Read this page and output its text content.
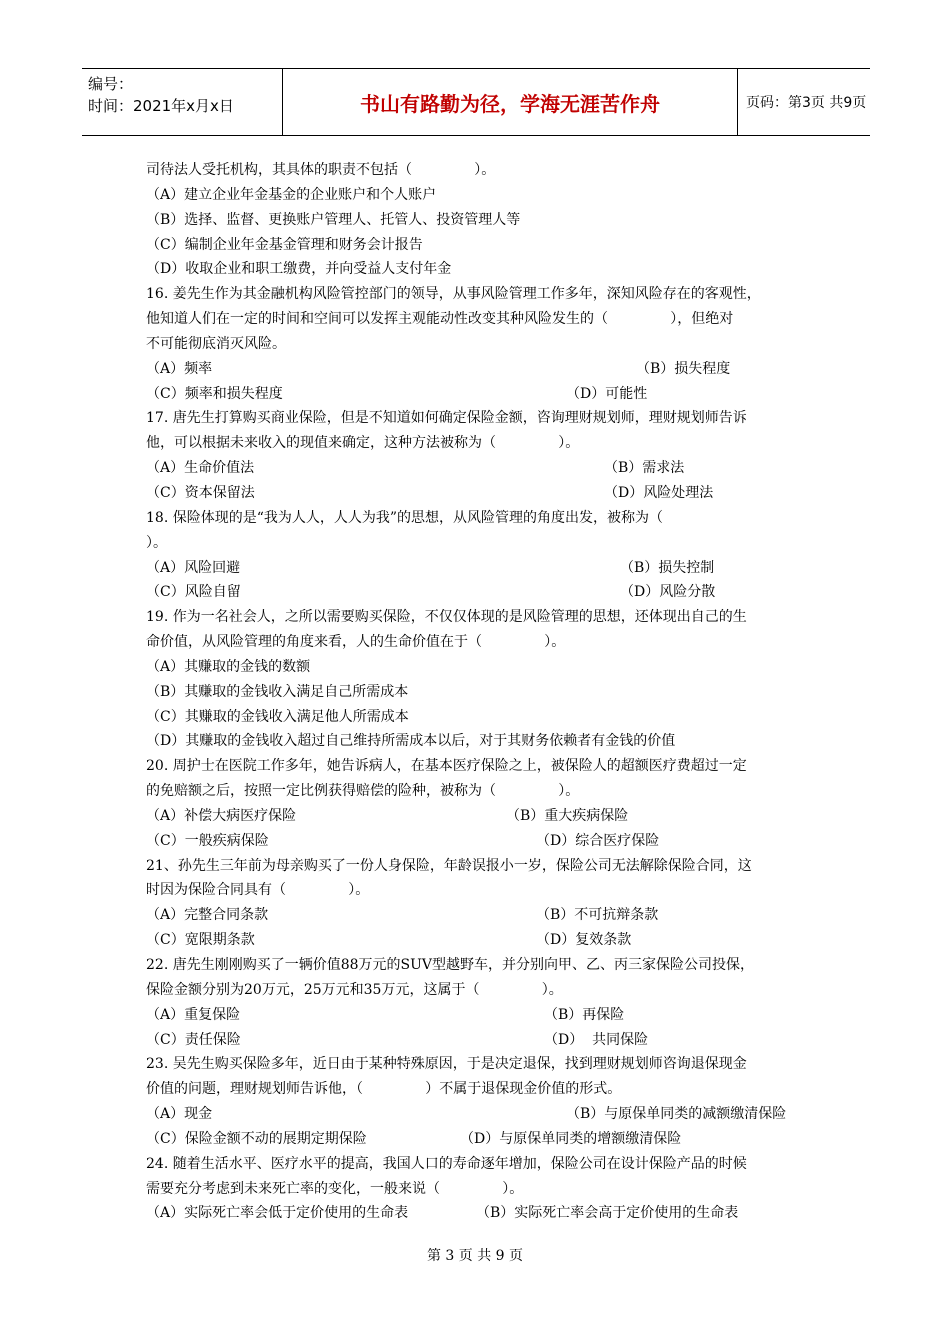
编号：
时间：2021年x月x日	书山有路勤为径，学海无涯苦作舟	页码：第3页 共9页
司待法人受托机构，其具体的职责不包括（              ）。
（A）建立企业年金基金的企业账户和个人账户
（B）选择、监督、更换账户管理人、托管人、投资管理人等
（C）编制企业年金基金管理和财务会计报告
（D）收取企业和职工缴费，并向受益人支付年金
16. 姜先生作为其金融机构风险管控部门的领导，从事风险管理工作多年，深知风险存在的客观性，
他知道人们在一定的时间和空间可以发挥主观能动性改变其种风险发生的（              ），但绝对
不可能彻底消灭风险。
（A）频率	（B）损失程度
（C）频率和损失程度	（D）可能性
17. 唐先生打算购买商业保险，但是不知道如何确定保险金额，咨询理财规划师，理财规划师告诉
他，可以根据未来收入的现值来确定，这种方法被称为（              ）。
（A）生命价值法	（B）需求法
（C）资本保留法	（D）风险处理法
18. 保险体现的是“我为人人，人人为我”的思想，从风险管理的角度出发，被称为（
）。
（A）风险回避	（B）损失控制
（C）风险自留	（D）风险分散
19. 作为一名社会人，之所以需要购买保险，不仅仅体现的是风险管理的思想，还体现出自己的生
命价值，从风险管理的角度来看，人的生命价值在于（              ）。
（A）其赚取的金钱的数额
（B）其赚取的金钱收入满足自己所需成本
（C）其赚取的金钱收入满足他人所需成本
（D）其赚取的金钱收入超过自己维持所需成本以后，对于其财务依赖者有金钱的价值
20. 周护士在医院工作多年，她告诉病人，在基本医疗保险之上，被保险人的超额医疗费超过一定
的免赔额之后，按照一定比例获得赔偿的险种，被称为（              ）。
（A）补偿大病医疗保险	（B）重大疾病保险
（C）一般疾病保险	（D）综合医疗保险
21、孙先生三年前为母亲购买了一份人身保险，年龄误报小一岁，保险公司无法解除保险合同，这
时因为保险合同具有（              ）。
（A）完整合同条款	（B）不可抗辩条款
（C）宽限期条款	（D）复效条款
22. 唐先生刚刚购买了一辆价值88万元的SUV型越野车，并分别向甲、乙、丙三家保险公司投保，
保险金额分别为20万元，25万元和35万元，这属于（              ）。
（A）重复保险	（B）再保险
（C）责任保险	（D）  共同保险
23. 吴先生购买保险多年，近日由于某种特殊原因，于是决定退保，找到理财规划师咨询退保现金
价值的问题，理财规划师告诉他，（              ）不属于退保现金价值的形式。
（A）现金	（B）与原保单同类的减额缴清保险
（C）保险金额不动的展期定期保险	（D）与原保单同类的增额缴清保险
24. 随着生活水平、医疗水平的提高，我国人口的寿命逐年增加，保险公司在设计保险产品的时候
需要充分考虑到未来死亡率的变化，一般来说（              ）。
（A）实际死亡率会低于定价使用的生命表	（B）实际死亡率会高于定价使用的生命表
第 3 页 共 9 页
